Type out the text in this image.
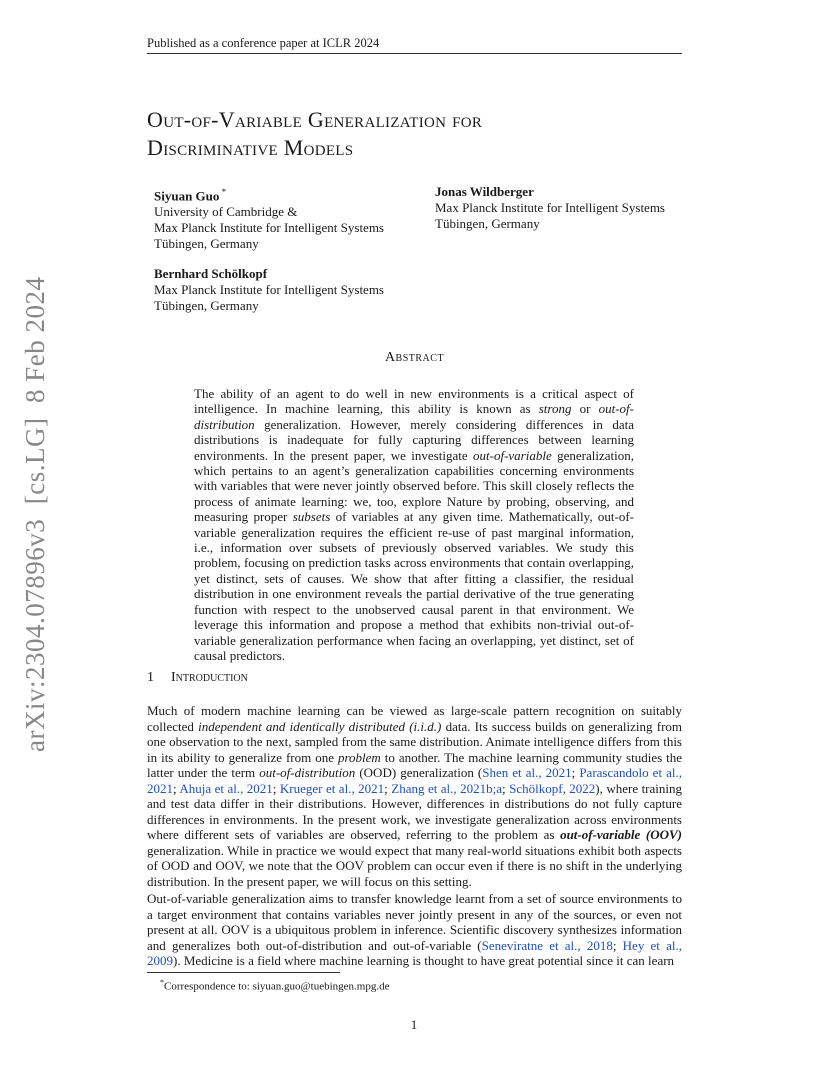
Published as a conference paper at ICLR 2024
arXiv:2304.07896v3  [cs.LG]  8 Feb 2024
Out-of-Variable Generalization for
Discriminative Models
Siyuan Guo *
University of Cambridge &
Max Planck Institute for Intelligent Systems
Tübingen, Germany
Jonas Wildberger
Max Planck Institute for Intelligent Systems
Tübingen, Germany
Bernhard Schölkopf
Max Planck Institute for Intelligent Systems
Tübingen, Germany
Abstract
The ability of an agent to do well in new environments is a critical aspect of intelligence. In machine learning, this ability is known as strong or out-of-distribution generalization. However, merely considering differences in data distributions is inadequate for fully capturing differences between learning environments. In the present paper, we investigate out-of-variable generalization, which pertains to an agent’s generalization capabilities concerning environments with variables that were never jointly observed before. This skill closely reflects the process of animate learning: we, too, explore Nature by probing, observing, and measuring proper subsets of variables at any given time. Mathematically, out-of-variable generalization requires the efficient re-use of past marginal information, i.e., information over subsets of previously observed variables. We study this problem, focusing on prediction tasks across environments that contain overlapping, yet distinct, sets of causes. We show that after fitting a classifier, the residual distribution in one environment reveals the partial derivative of the true generating function with respect to the unobserved causal parent in that environment. We leverage this information and propose a method that exhibits non-trivial out-of-variable generalization performance when facing an overlapping, yet distinct, set of causal predictors.
1 Introduction
Much of modern machine learning can be viewed as large-scale pattern recognition on suitably collected independent and identically distributed (i.i.d.) data. Its success builds on generalizing from one observation to the next, sampled from the same distribution. Animate intelligence differs from this in its ability to generalize from one problem to another. The machine learning community studies the latter under the term out-of-distribution (OOD) generalization (Shen et al., 2021; Parascandolo et al., 2021; Ahuja et al., 2021; Krueger et al., 2021; Zhang et al., 2021b;a; Schölkopf, 2022), where training and test data differ in their distributions. However, differences in distributions do not fully capture differences in environments. In the present work, we investigate generalization across environments where different sets of variables are observed, referring to the problem as out-of-variable (OOV) generalization. While in practice we would expect that many real-world situations exhibit both aspects of OOD and OOV, we note that the OOV problem can occur even if there is no shift in the underlying distribution. In the present paper, we will focus on this setting.
Out-of-variable generalization aims to transfer knowledge learnt from a set of source environments to a target environment that contains variables never jointly present in any of the sources, or even not present at all. OOV is a ubiquitous problem in inference. Scientific discovery synthesizes information and generalizes both out-of-distribution and out-of-variable (Seneviratne et al., 2018; Hey et al., 2009). Medicine is a field where machine learning is thought to have great potential since it can learn
*Correspondence to: siyuan.guo@tuebingen.mpg.de
1
